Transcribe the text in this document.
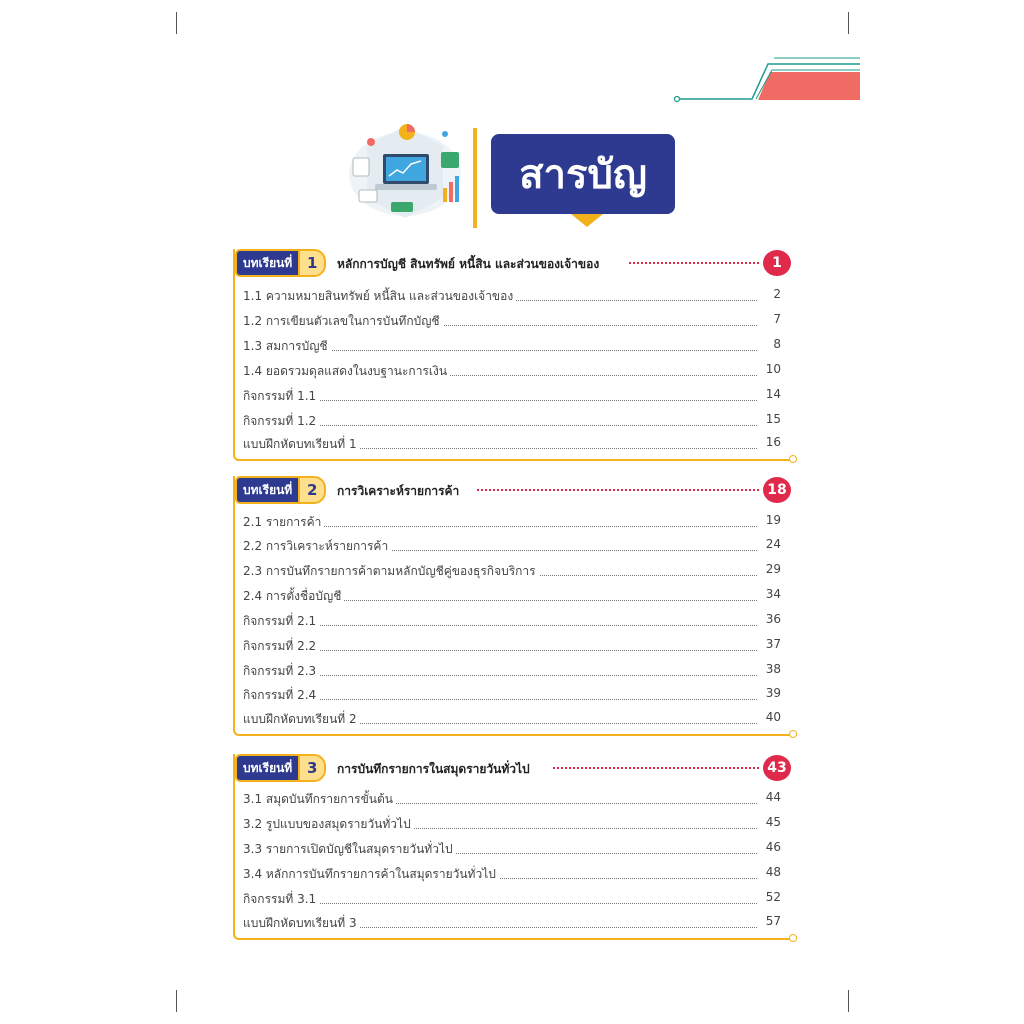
สารบัญ
บทเรียนที่ 1	หลักการบัญชี สินทรัพย์ หนี้สิน และส่วนของเจ้าของ	1
1.1 ความหมายสินทรัพย์ หนี้สิน และส่วนของเจ้าของ	2
1.2 การเขียนตัวเลขในการบันทึกบัญชี	7
1.3 สมการบัญชี	8
1.4 ยอดรวมดุลแสดงในงบฐานะการเงิน	10
กิจกรรมที่ 1.1	14
กิจกรรมที่ 1.2	15
แบบฝึกหัดบทเรียนที่ 1	16
บทเรียนที่ 2	การวิเคราะห์รายการค้า	18
2.1 รายการค้า	19
2.2 การวิเคราะห์รายการค้า	24
2.3 การบันทึกรายการค้าตามหลักบัญชีคู่ของธุรกิจบริการ	29
2.4 การตั้งชื่อบัญชี	34
กิจกรรมที่ 2.1	36
กิจกรรมที่ 2.2	37
กิจกรรมที่ 2.3	38
กิจกรรมที่ 2.4	39
แบบฝึกหัดบทเรียนที่ 2	40
บทเรียนที่ 3	การบันทึกรายการในสมุดรายวันทั่วไป	43
3.1 สมุดบันทึกรายการขั้นต้น	44
3.2 รูปแบบของสมุดรายวันทั่วไป	45
3.3 รายการเปิดบัญชีในสมุดรายวันทั่วไป	46
3.4 หลักการบันทึกรายการค้าในสมุดรายวันทั่วไป	48
กิจกรรมที่ 3.1	52
แบบฝึกหัดบทเรียนที่ 3	57
